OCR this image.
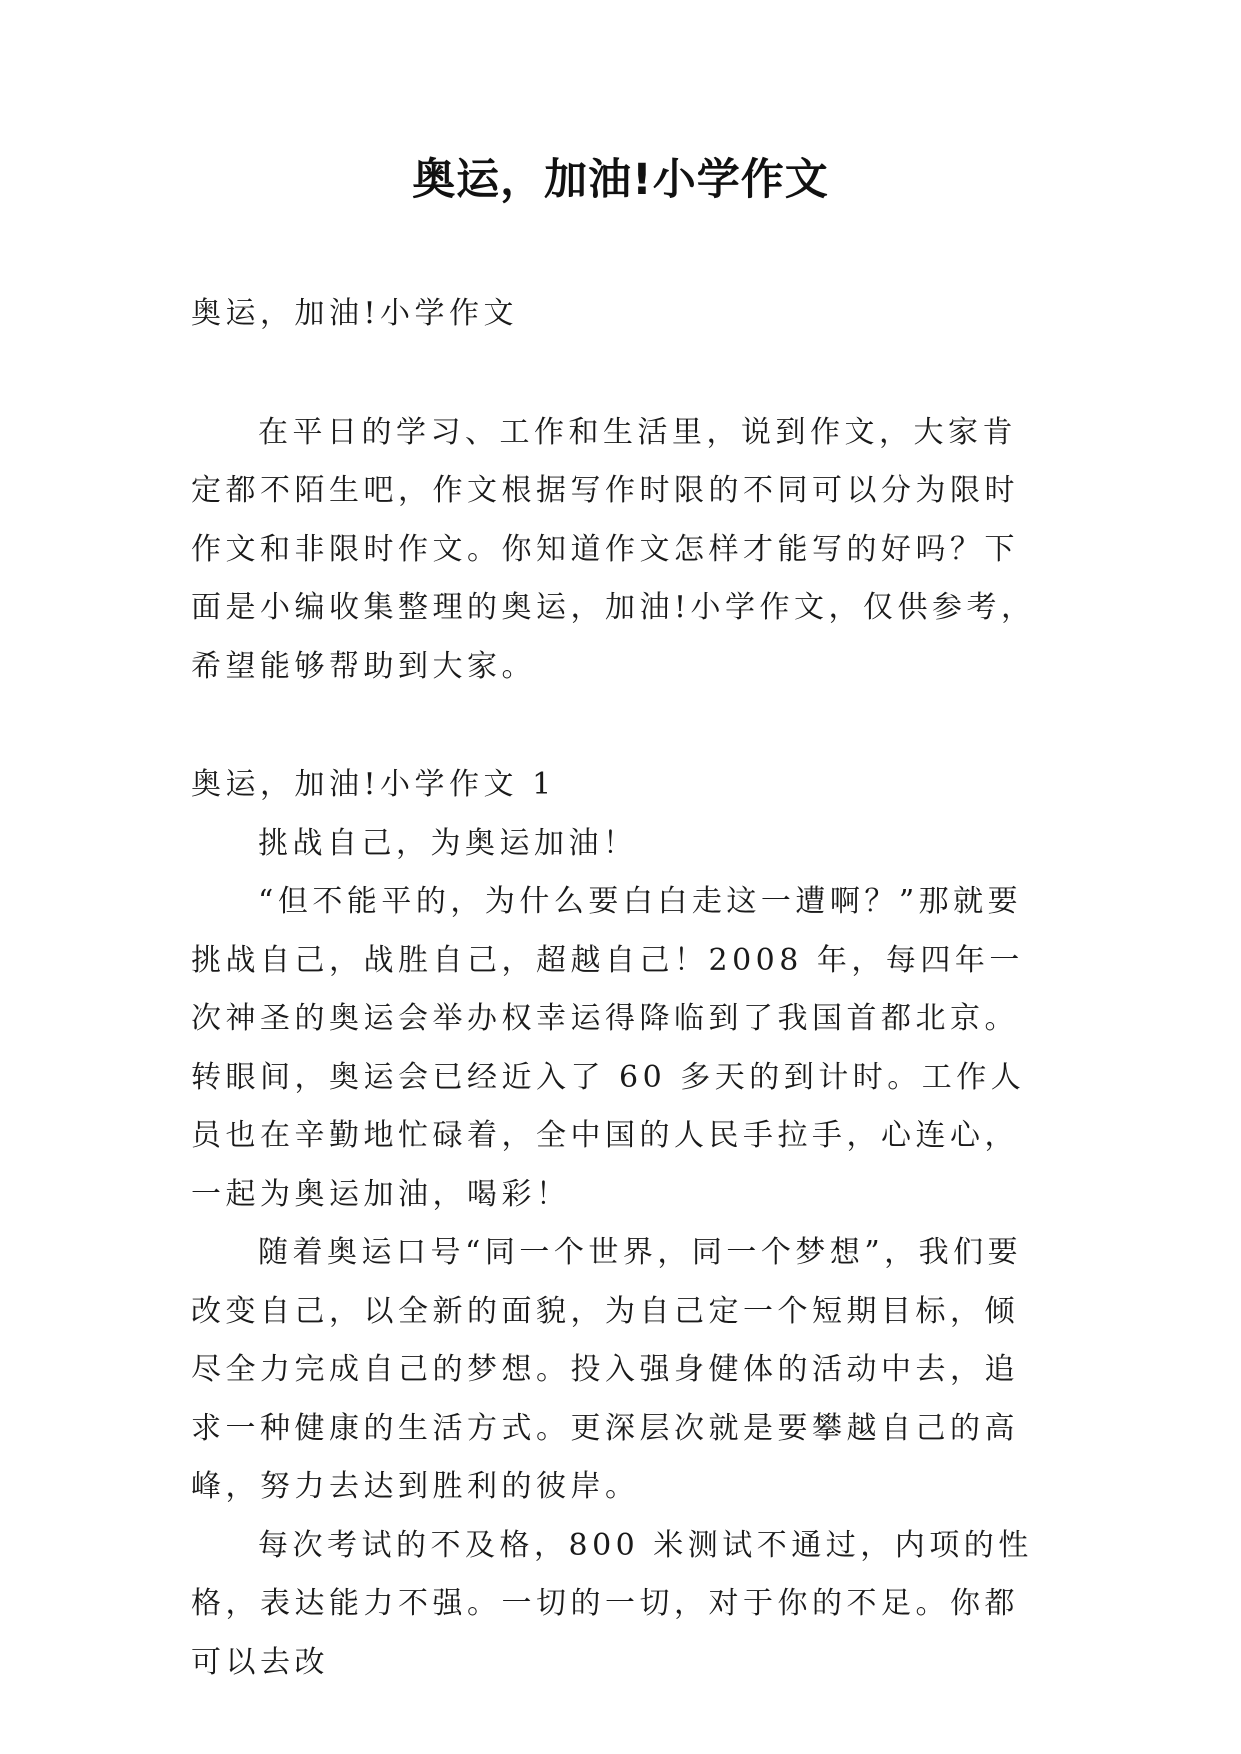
奥运，加油!小学作文

奥运，加油!小学作文

在平日的学习、工作和生活里，说到作文，大家肯定都不陌生吧，作文根据写作时限的不同可以分为限时作文和非限时作文。你知道作文怎样才能写的好吗？下面是小编收集整理的奥运，加油!小学作文，仅供参考，希望能够帮助到大家。

奥运，加油!小学作文 1

挑战自己，为奥运加油！

“但不能平的，为什么要白白走这一遭啊？”那就要挑战自己，战胜自己，超越自己！2008 年，每四年一次神圣的奥运会举办权幸运得降临到了我国首都北京。转眼间，奥运会已经近入了 60 多天的到计时。工作人员也在辛勤地忙碌着，全中国的人民手拉手，心连心，一起为奥运加油，喝彩！

随着奥运口号“同一个世界，同一个梦想”，我们要改变自己，以全新的面貌，为自己定一个短期目标，倾尽全力完成自己的梦想。投入强身健体的活动中去，追求一种健康的生活方式。更深层次就是要攀越自己的高峰，努力去达到胜利的彼岸。

每次考试的不及格，800 米测试不通过，内项的性格，表达能力不强。一切的一切，对于你的不足。你都可以去改
